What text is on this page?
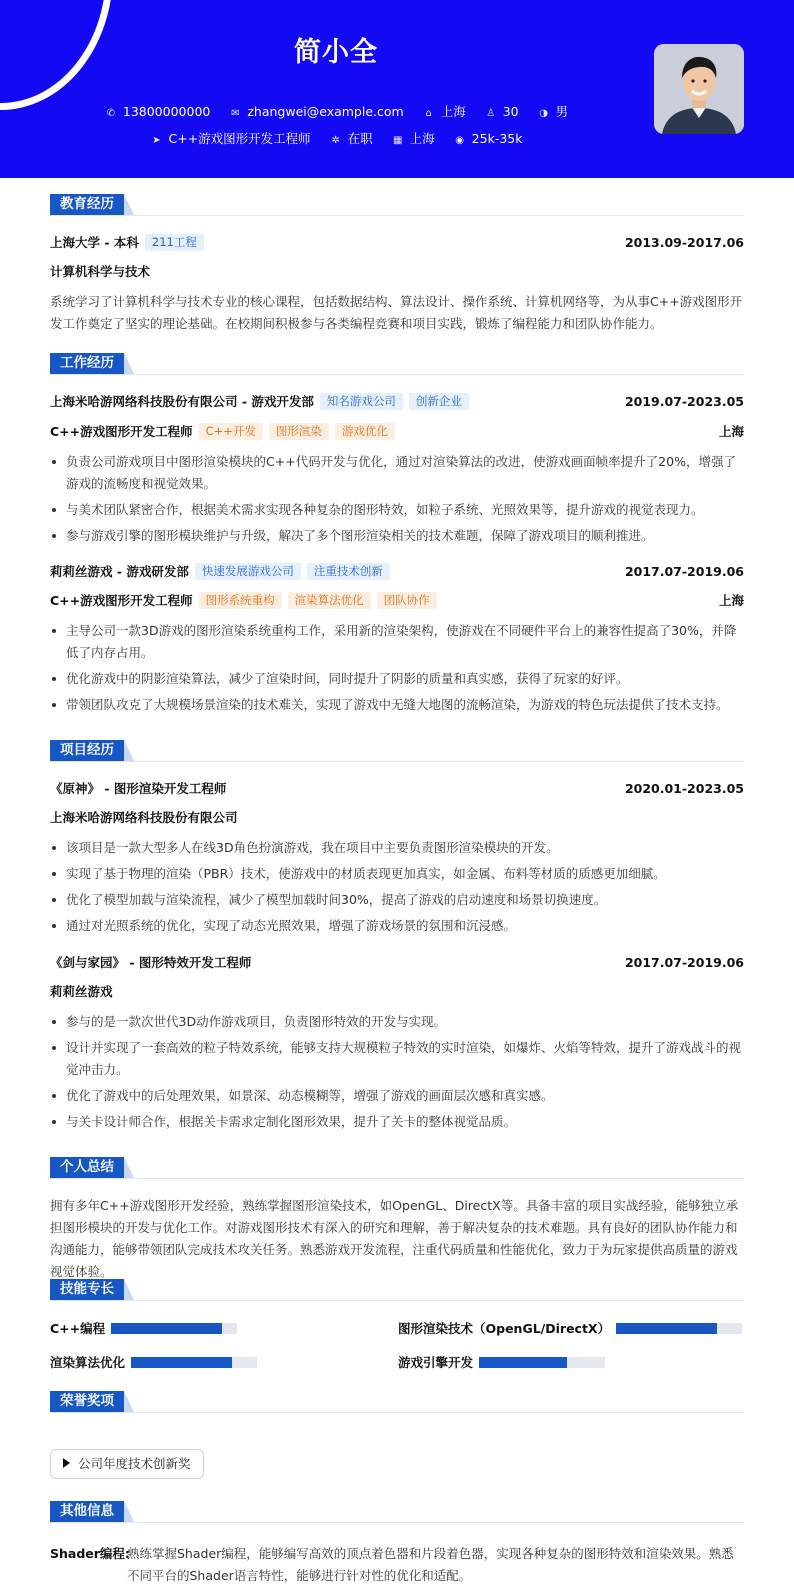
简小全
✆ 13800000000 ✉ zhangwei@example.com ⌂ 上海 ♙ 30 ◑ 男
➤ C++游戏图形开发工程师 ✲ 在职 ▦ 上海 ◉ 25k-35k
教育经历
上海大学 - 本科 211工程	2013.09-2017.06
计算机科学与技术
系统学习了计算机科学与技术专业的核心课程，包括数据结构、算法设计、操作系统、计算机网络等，为从事C++游戏图形开发工作奠定了坚实的理论基础。在校期间积极参与各类编程竞赛和项目实践，锻炼了编程能力和团队协作能力。
工作经历
上海米哈游网络科技股份有限公司 - 游戏开发部 知名游戏公司 创新企业	2019.07-2023.05
C++游戏图形开发工程师 C++开发 图形渲染 游戏优化	上海
负责公司游戏项目中图形渲染模块的C++代码开发与优化，通过对渲染算法的改进，使游戏画面帧率提升了20%，增强了游戏的流畅度和视觉效果。
与美术团队紧密合作，根据美术需求实现各种复杂的图形特效，如粒子系统、光照效果等，提升游戏的视觉表现力。
参与游戏引擎的图形模块维护与升级，解决了多个图形渲染相关的技术难题，保障了游戏项目的顺利推进。
莉莉丝游戏 - 游戏研发部 快速发展游戏公司 注重技术创新	2017.07-2019.06
C++游戏图形开发工程师 图形系统重构 渲染算法优化 团队协作	上海
主导公司一款3D游戏的图形渲染系统重构工作，采用新的渲染架构，使游戏在不同硬件平台上的兼容性提高了30%，并降低了内存占用。
优化游戏中的阴影渲染算法，减少了渲染时间，同时提升了阴影的质量和真实感，获得了玩家的好评。
带领团队攻克了大规模场景渲染的技术难关，实现了游戏中无缝大地图的流畅渲染，为游戏的特色玩法提供了技术支持。
项目经历
《原神》 - 图形渲染开发工程师	2020.01-2023.05
上海米哈游网络科技股份有限公司
该项目是一款大型多人在线3D角色扮演游戏，我在项目中主要负责图形渲染模块的开发。
实现了基于物理的渲染（PBR）技术，使游戏中的材质表现更加真实，如金属、布料等材质的质感更加细腻。
优化了模型加载与渲染流程，减少了模型加载时间30%，提高了游戏的启动速度和场景切换速度。
通过对光照系统的优化，实现了动态光照效果，增强了游戏场景的氛围和沉浸感。
《剑与家园》 - 图形特效开发工程师	2017.07-2019.06
莉莉丝游戏
参与的是一款次世代3D动作游戏项目，负责图形特效的开发与实现。
设计并实现了一套高效的粒子特效系统，能够支持大规模粒子特效的实时渲染，如爆炸、火焰等特效，提升了游戏战斗的视觉冲击力。
优化了游戏中的后处理效果，如景深、动态模糊等，增强了游戏的画面层次感和真实感。
与关卡设计师合作，根据关卡需求定制化图形效果，提升了关卡的整体视觉品质。
个人总结
拥有多年C++游戏图形开发经验，熟练掌握图形渲染技术，如OpenGL、DirectX等。具备丰富的项目实战经验，能够独立承担图形模块的开发与优化工作。对游戏图形技术有深入的研究和理解，善于解决复杂的技术难题。具有良好的团队协作能力和沟通能力，能够带领团队完成技术攻关任务。熟悉游戏开发流程，注重代码质量和性能优化，致力于为玩家提供高质量的游戏视觉体验。
技能专长
C++编程	图形渲染技术（OpenGL/DirectX）
渲染算法优化	游戏引擎开发
荣誉奖项
公司年度技术创新奖
其他信息
Shader编程:
熟练掌握Shader编程，能够编写高效的顶点着色器和片段着色器，实现各种复杂的图形特效和渲染效果。熟悉不同平台的Shader语言特性，能够进行针对性的优化和适配。
